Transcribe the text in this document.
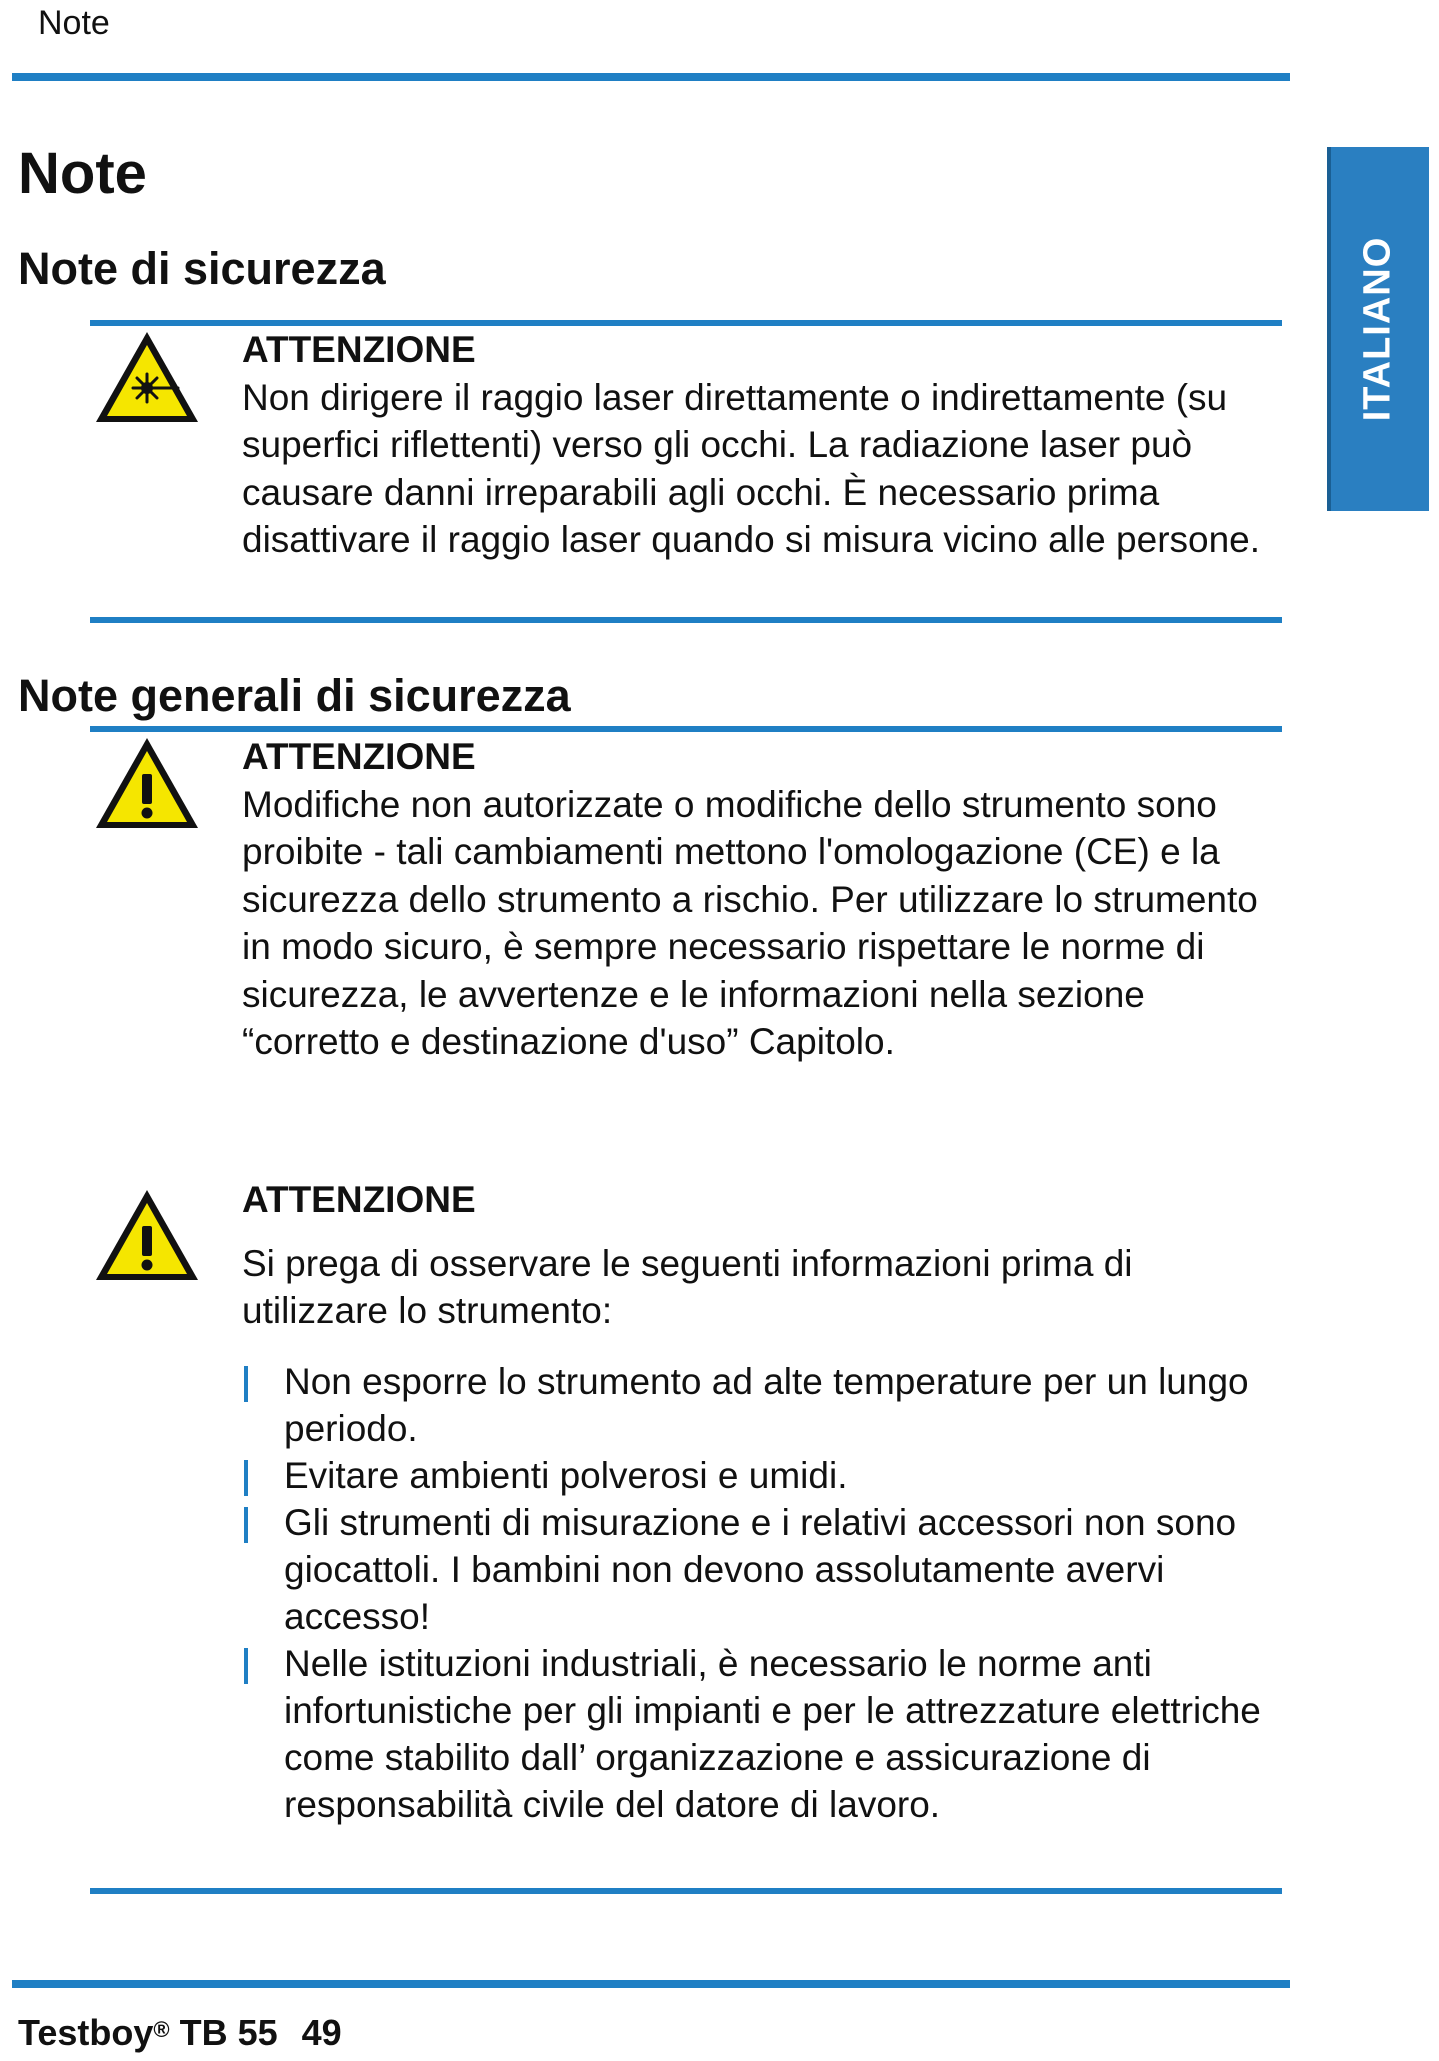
Note
ITALIANO
Note
Note di sicurezza
ATTENZIONE

Non dirigere il raggio laser direttamente o indirettamente (su superfici riflettenti) verso gli occhi. La radiazione laser può causare danni irreparabili agli occhi. È necessario prima disattivare il raggio laser quando si misura vicino alle persone.

Note generali di sicurezza
ATTENZIONE

Modifiche non autorizzate o modifiche dello strumento sono proibite - tali cambiamenti mettono l'omologazione (CE) e la sicurezza dello strumento a rischio. Per utilizzare lo strumento in modo sicuro, è sempre necessario rispettare le norme di sicurezza, le avvertenze e le informazioni nella sezione “corretto e destinazione d'uso” Capitolo.

ATTENZIONE

Si prega di osservare le seguenti informazioni prima di utilizzare lo strumento:

Non esporre lo strumento ad alte temperature per un lungo periodo.
Evitare ambienti polverosi e umidi.
Gli strumenti di misurazione e i relativi accessori non sono giocattoli. I bambini non devono assolutamente avervi accesso!
Nelle istituzioni industriali, è necessario le norme anti infortunistiche per gli impianti e per le attrezzature elettriche come stabilito dall’ organizzazione e assicurazione di responsabilità civile del datore di lavoro.
Testboy® TB 55 49
